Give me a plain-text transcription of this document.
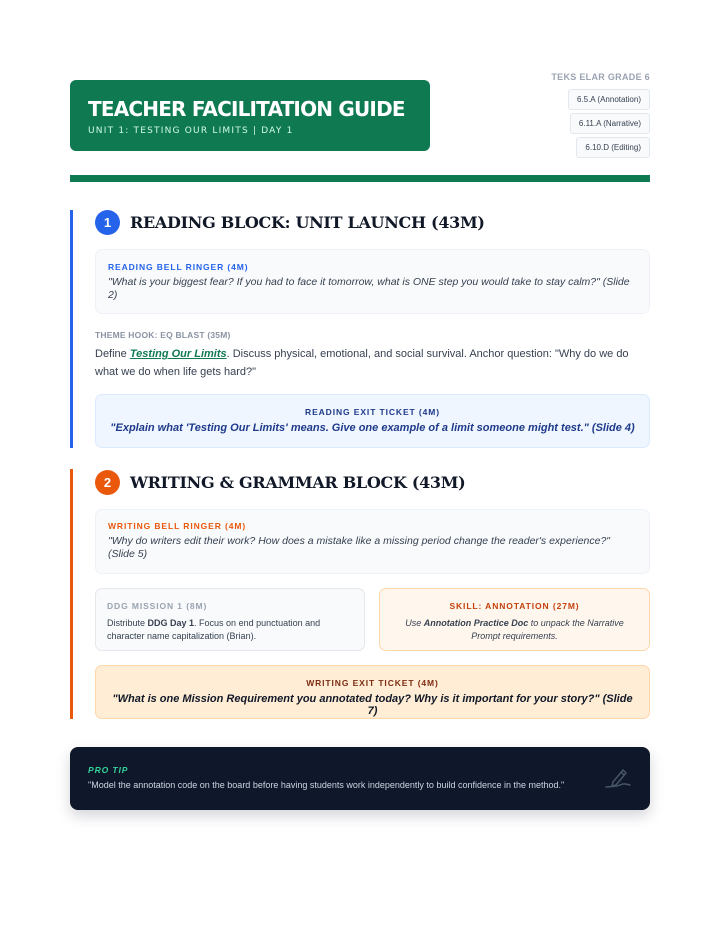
TEACHER FACILITATION GUIDE
UNIT 1: TESTING OUR LIMITS | DAY 1
TEKS ELAR GRADE 6
6.5.A (Annotation)
6.11.A (Narrative)
6.10.D (Editing)
1	READING BLOCK: UNIT LAUNCH (43M)
READING BELL RINGER (4M)
"What is your biggest fear? If you had to face it tomorrow, what is ONE step you would take to stay calm?" (Slide 2)
THEME HOOK: EQ BLAST (35M)
Define Testing Our Limits. Discuss physical, emotional, and social survival. Anchor question: "Why do we do what we do when life gets hard?"
READING EXIT TICKET (4M)
"Explain what 'Testing Our Limits' means. Give one example of a limit someone might test." (Slide 4)
2	WRITING & GRAMMAR BLOCK (43M)
WRITING BELL RINGER (4M)
"Why do writers edit their work? How does a mistake like a missing period change the reader's experience?" (Slide 5)
DDG MISSION 1 (8M)
Distribute DDG Day 1. Focus on end punctuation and character name capitalization (Brian).
SKILL: ANNOTATION (27M)
Use Annotation Practice Doc to unpack the Narrative Prompt requirements.
WRITING EXIT TICKET (4M)
"What is one Mission Requirement you annotated today? Why is it important for your story?" (Slide 7)
PRO TIP
"Model the annotation code on the board before having students work independently to build confidence in the method."
